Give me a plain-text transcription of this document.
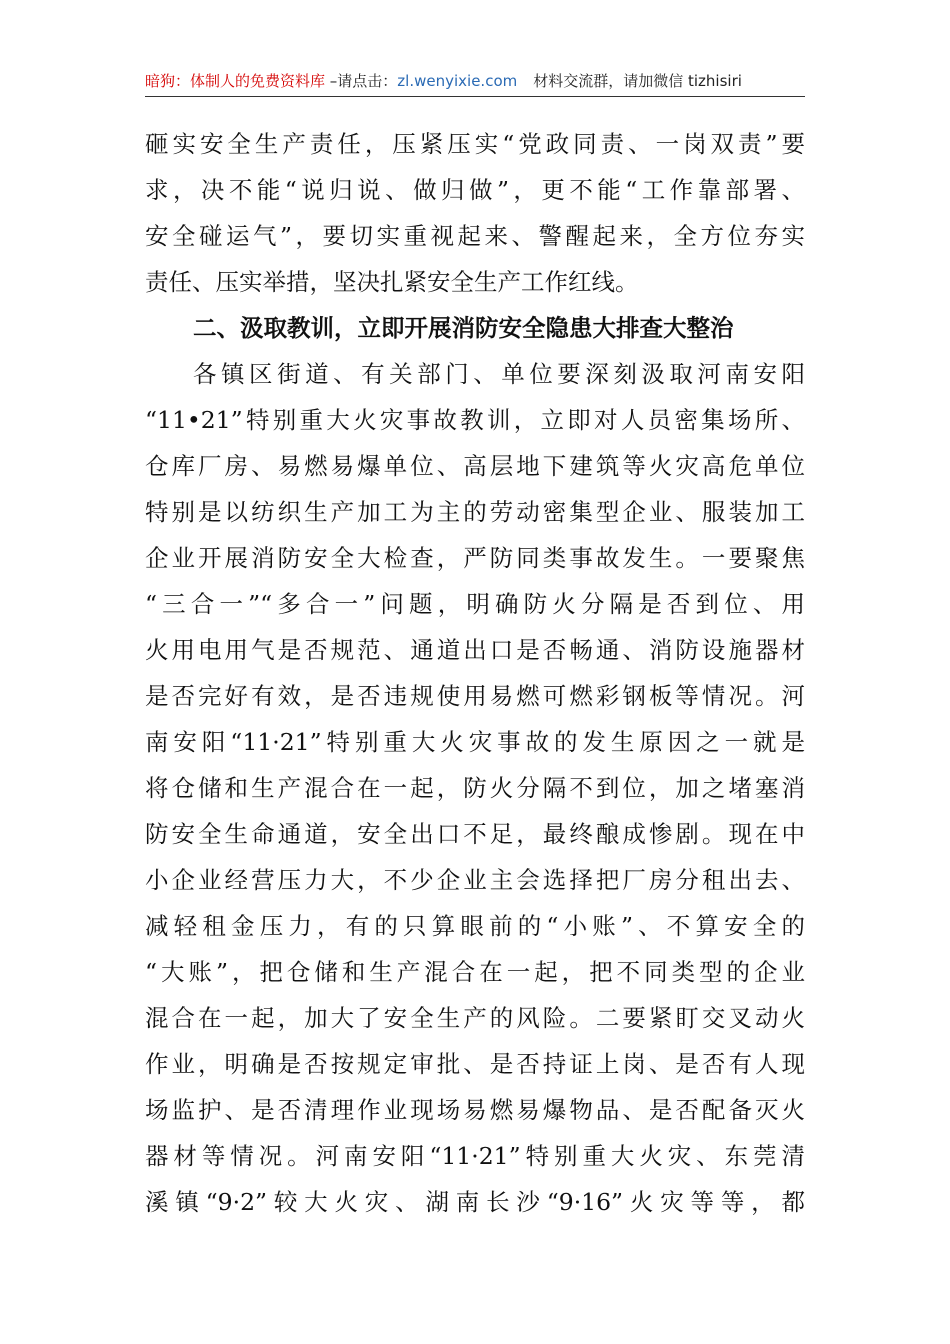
暗狗：体制人的免费资料库 –请点击：zl.wenyixie.com 材料交流群，请加微信 tizhisiri
砸实安全生产责任，压紧压实“党政同责、一岗双责”要
求，决不能“说归说、做归做”，更不能“工作靠部署、
安全碰运气”，要切实重视起来、警醒起来，全方位夯实
责任、压实举措，坚决扎紧安全生产工作红线。
二、汲取教训，立即开展消防安全隐患大排查大整治
各镇区街道、有关部门、单位要深刻汲取河南安阳
“11•21”特别重大火灾事故教训，立即对人员密集场所、
仓库厂房、易燃易爆单位、高层地下建筑等火灾高危单位
特别是以纺织生产加工为主的劳动密集型企业、服装加工
企业开展消防安全大检查，严防同类事故发生。一要聚焦
“三合一”“多合一”问题，明确防火分隔是否到位、用
火用电用气是否规范、通道出口是否畅通、消防设施器材
是否完好有效，是否违规使用易燃可燃彩钢板等情况。河
南安阳“11·21”特别重大火灾事故的发生原因之一就是
将仓储和生产混合在一起，防火分隔不到位，加之堵塞消
防安全生命通道，安全出口不足，最终酿成惨剧。现在中
小企业经营压力大，不少企业主会选择把厂房分租出去、
减轻租金压力，有的只算眼前的“小账”、不算安全的
“大账”，把仓储和生产混合在一起，把不同类型的企业
混合在一起，加大了安全生产的风险。二要紧盯交叉动火
作业，明确是否按规定审批、是否持证上岗、是否有人现
场监护、是否清理作业现场易燃易爆物品、是否配备灭火
器材等情况。河南安阳“11·21”特别重大火灾、东莞清
溪镇“9·2”较大火灾、湖南长沙“9·16”火灾等等，都
